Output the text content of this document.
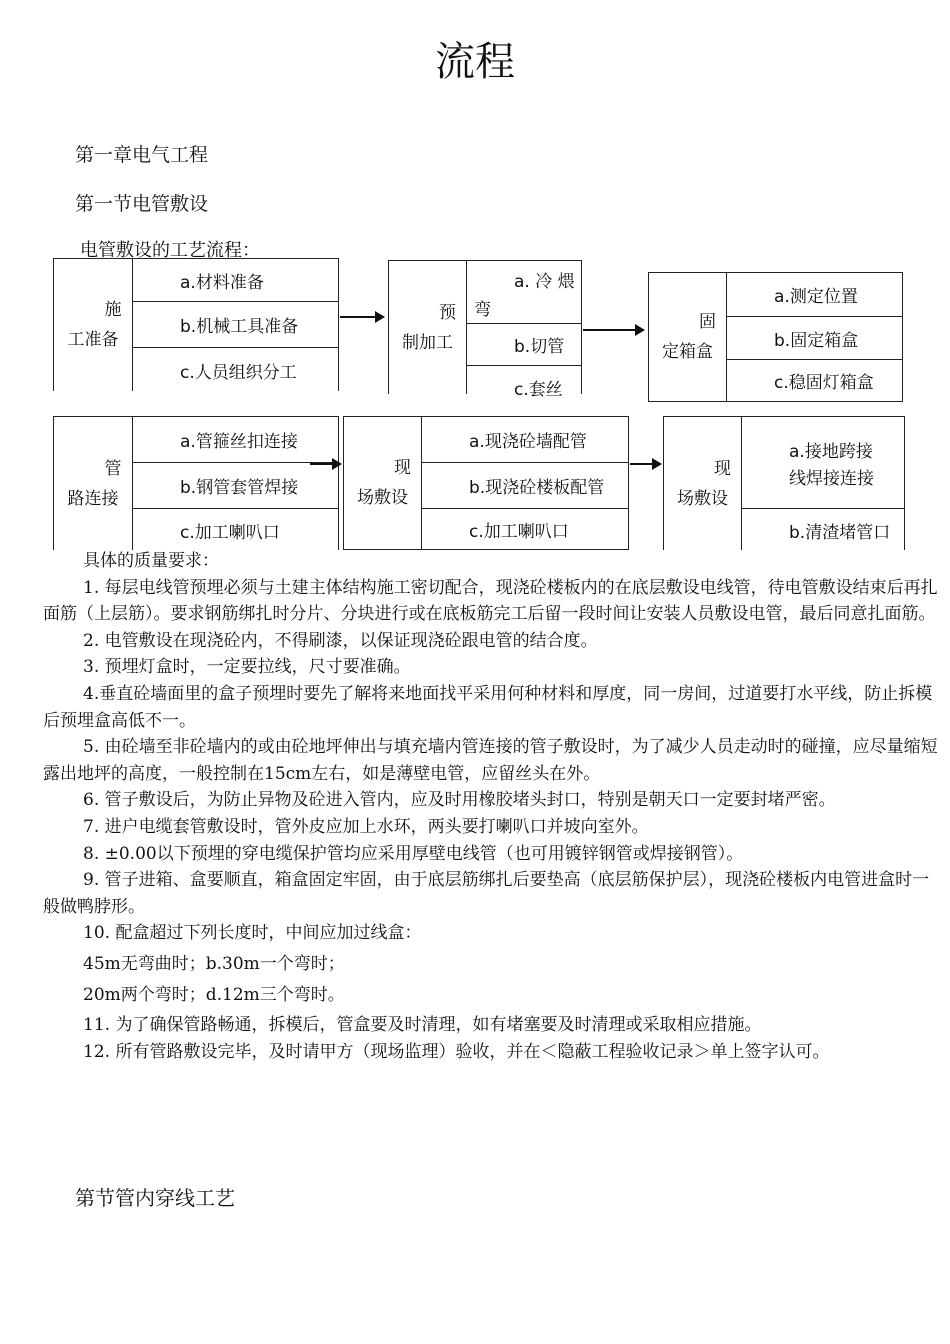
流程
第一章电气工程
第一节电管敷设
电管敷设的工艺流程：
施
工准备
a.材料准备
b.机械工具准备
c.人员组织分工
预
制加工
a. 冷 煨
弯
b.切管
c.套丝
固
定箱盒
a.测定位置
b.固定箱盒
c.稳固灯箱盒
管
路连接
a.管箍丝扣连接
b.钢管套管焊接
c.加工喇叭口
现
场敷设
a.现浇砼墙配管
b.现浇砼楼板配管
c.加工喇叭口
现
场敷设
a.接地跨接
线焊接连接
b.清渣堵管口

具体的质量要求：

1. 每层电线管预埋必须与土建主体结构施工密切配合，现浇砼楼板内的在底层敷设电线管，待电管敷设结束后再扎面筋（上层筋）。要求钢筋绑扎时分片、分块进行或在底板筋完工后留一段时间让安装人员敷设电管，最后同意扎面筋。

2. 电管敷设在现浇砼内，不得刷漆，以保证现浇砼跟电管的结合度。

3. 预埋灯盒时，一定要拉线，尺寸要准确。

4.垂直砼墙面里的盒子预埋时要先了解将来地面找平采用何种材料和厚度，同一房间，过道要打水平线，防止拆模后预埋盒高低不一。

5. 由砼墙至非砼墙内的或由砼地坪伸出与填充墙内管连接的管子敷设时，为了减少人员走动时的碰撞，应尽量缩短露出地坪的高度，一般控制在15cm左右，如是薄壁电管，应留丝头在外。

6. 管子敷设后，为防止异物及砼进入管内，应及时用橡胶堵头封口，特别是朝天口一定要封堵严密。

7. 进户电缆套管敷设时，管外皮应加上水环，两头要打喇叭口并坡向室外。

8. ±0.00以下预埋的穿电缆保护管均应采用厚壁电线管（也可用镀锌钢管或焊接钢管）。

9. 管子进箱、盒要顺直，箱盒固定牢固，由于底层筋绑扎后要垫高（底层筋保护层），现浇砼楼板内电管进盒时一般做鸭脖形。

10. 配盒超过下列长度时，中间应加过线盒：

45m无弯曲时；b.30m一个弯时；

20m两个弯时；d.12m三个弯时。

11. 为了确保管路畅通，拆模后，管盒要及时清理，如有堵塞要及时清理或采取相应措施。

12. 所有管路敷设完毕，及时请甲方（现场监理）验收，并在＜隐蔽工程验收记录＞单上签字认可。

第节管内穿线工艺
